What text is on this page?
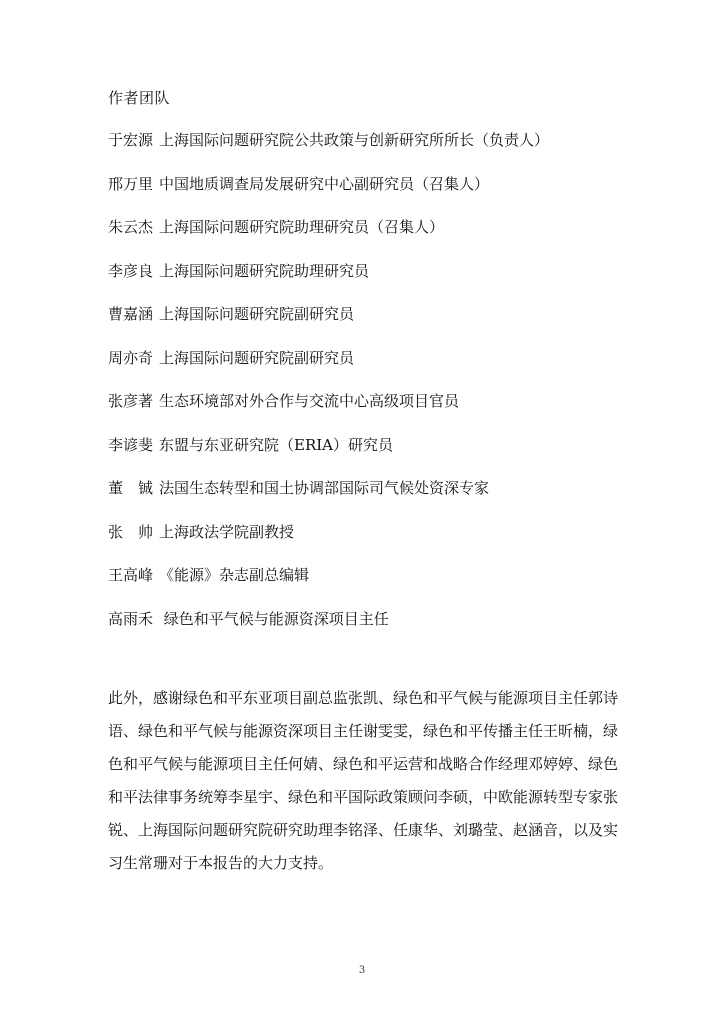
作者团队
于宏源 上海国际问题研究院公共政策与创新研究所所长（负责人）
邢万里 中国地质调查局发展研究中心副研究员（召集人）
朱云杰 上海国际问题研究院助理研究员（召集人）
李彦良 上海国际问题研究院助理研究员
曹嘉涵 上海国际问题研究院副研究员
周亦奇 上海国际问题研究院副研究员
张彦著 生态环境部对外合作与交流中心高级项目官员
李谚斐 东盟与东亚研究院（ERIA）研究员
董　铖 法国生态转型和国土协调部国际司气候处资深专家
张　帅 上海政法学院副教授
王高峰 《能源》杂志副总编辑
高雨禾 绿色和平气候与能源资深项目主任

此外，感谢绿色和平东亚项目副总监张凯、绿色和平气候与能源项目主任郭诗语、绿色和平气候与能源资深项目主任谢雯雯，绿色和平传播主任王昕楠，绿色和平气候与能源项目主任何婧、绿色和平运营和战略合作经理邓婷婷、绿色和平法律事务统筹李星宇、绿色和平国际政策顾问李硕，中欧能源转型专家张锐、上海国际问题研究院研究助理李铭泽、任康华、刘璐莹、赵涵音，以及实习生常珊对于本报告的大力支持。

3
